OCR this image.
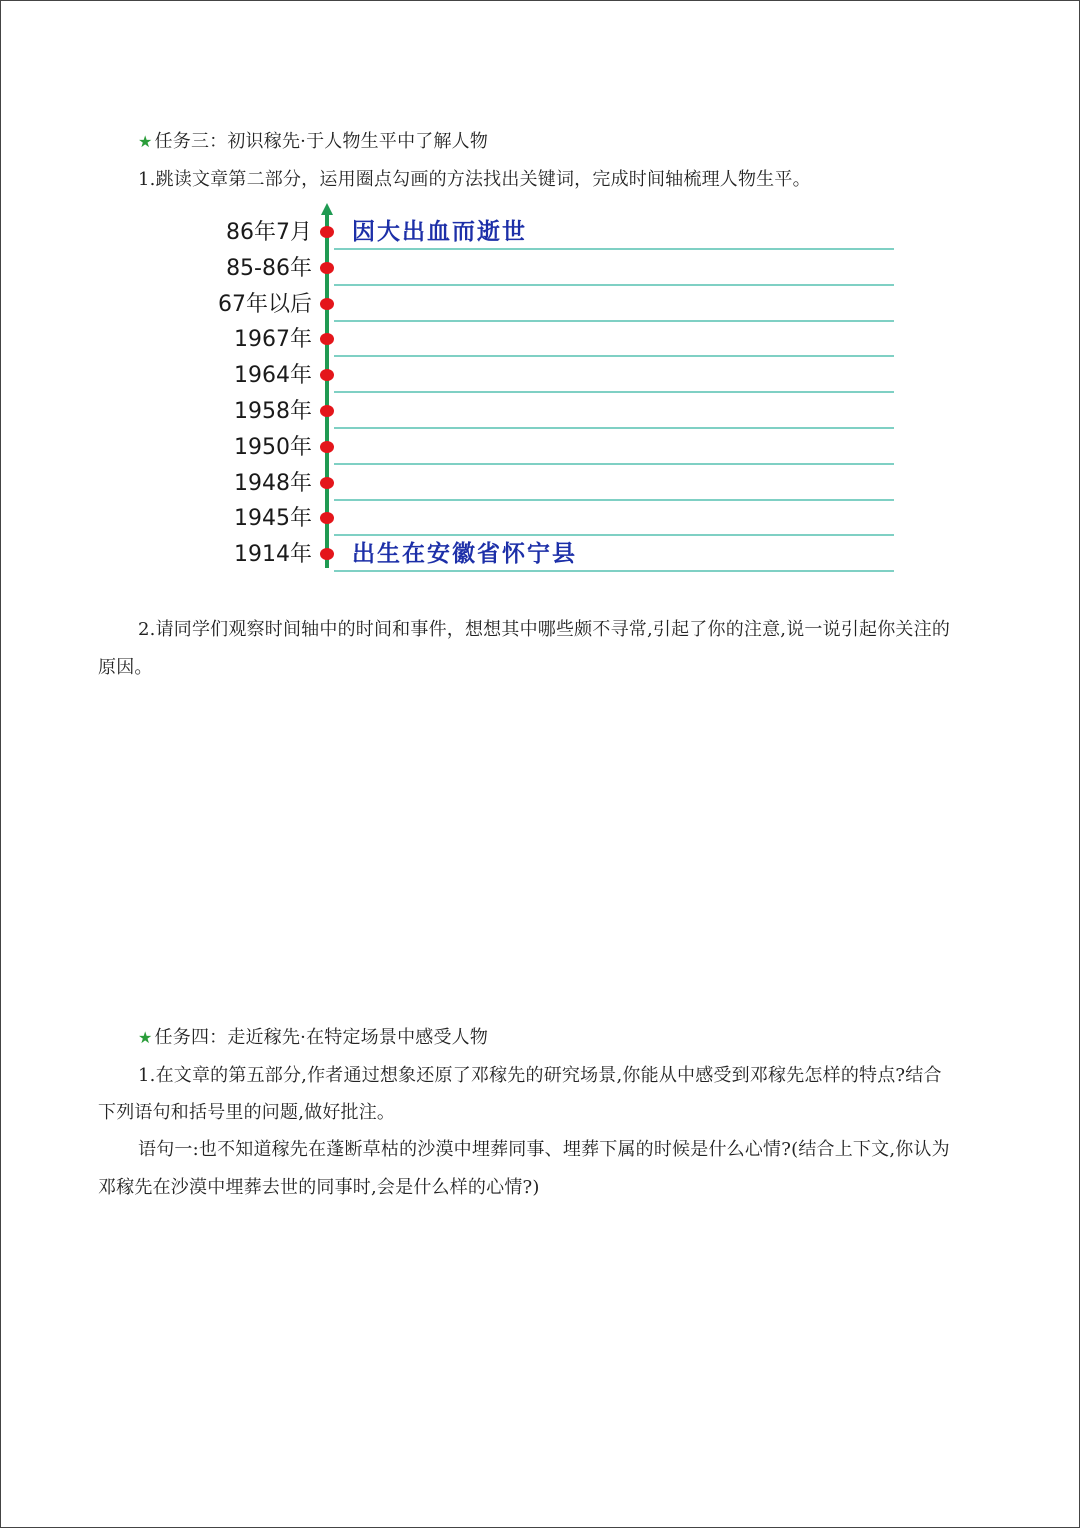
★ 任务三：初识稼先·于人物生平中了解人物
1.跳读文章第二部分，运用圈点勾画的方法找出关键词，完成时间轴梳理人物生平。
86年7月 因大出血而逝世
85-86年
67年以后
1967年
1964年
1958年
1950年
1948年
1945年
1914年 出生在安徽省怀宁县
2.请同学们观察时间轴中的时间和事件，想想其中哪些颇不寻常,引起了你的注意,说一说引起你关注的
原因。
★ 任务四：走近稼先·在特定场景中感受人物
1.在文章的第五部分,作者通过想象还原了邓稼先的研究场景,你能从中感受到邓稼先怎样的特点?结合
下列语句和括号里的问题,做好批注。
语句一:也不知道稼先在蓬断草枯的沙漠中埋葬同事、埋葬下属的时候是什么心情?(结合上下文,你认为
邓稼先在沙漠中埋葬去世的同事时,会是什么样的心情?)
